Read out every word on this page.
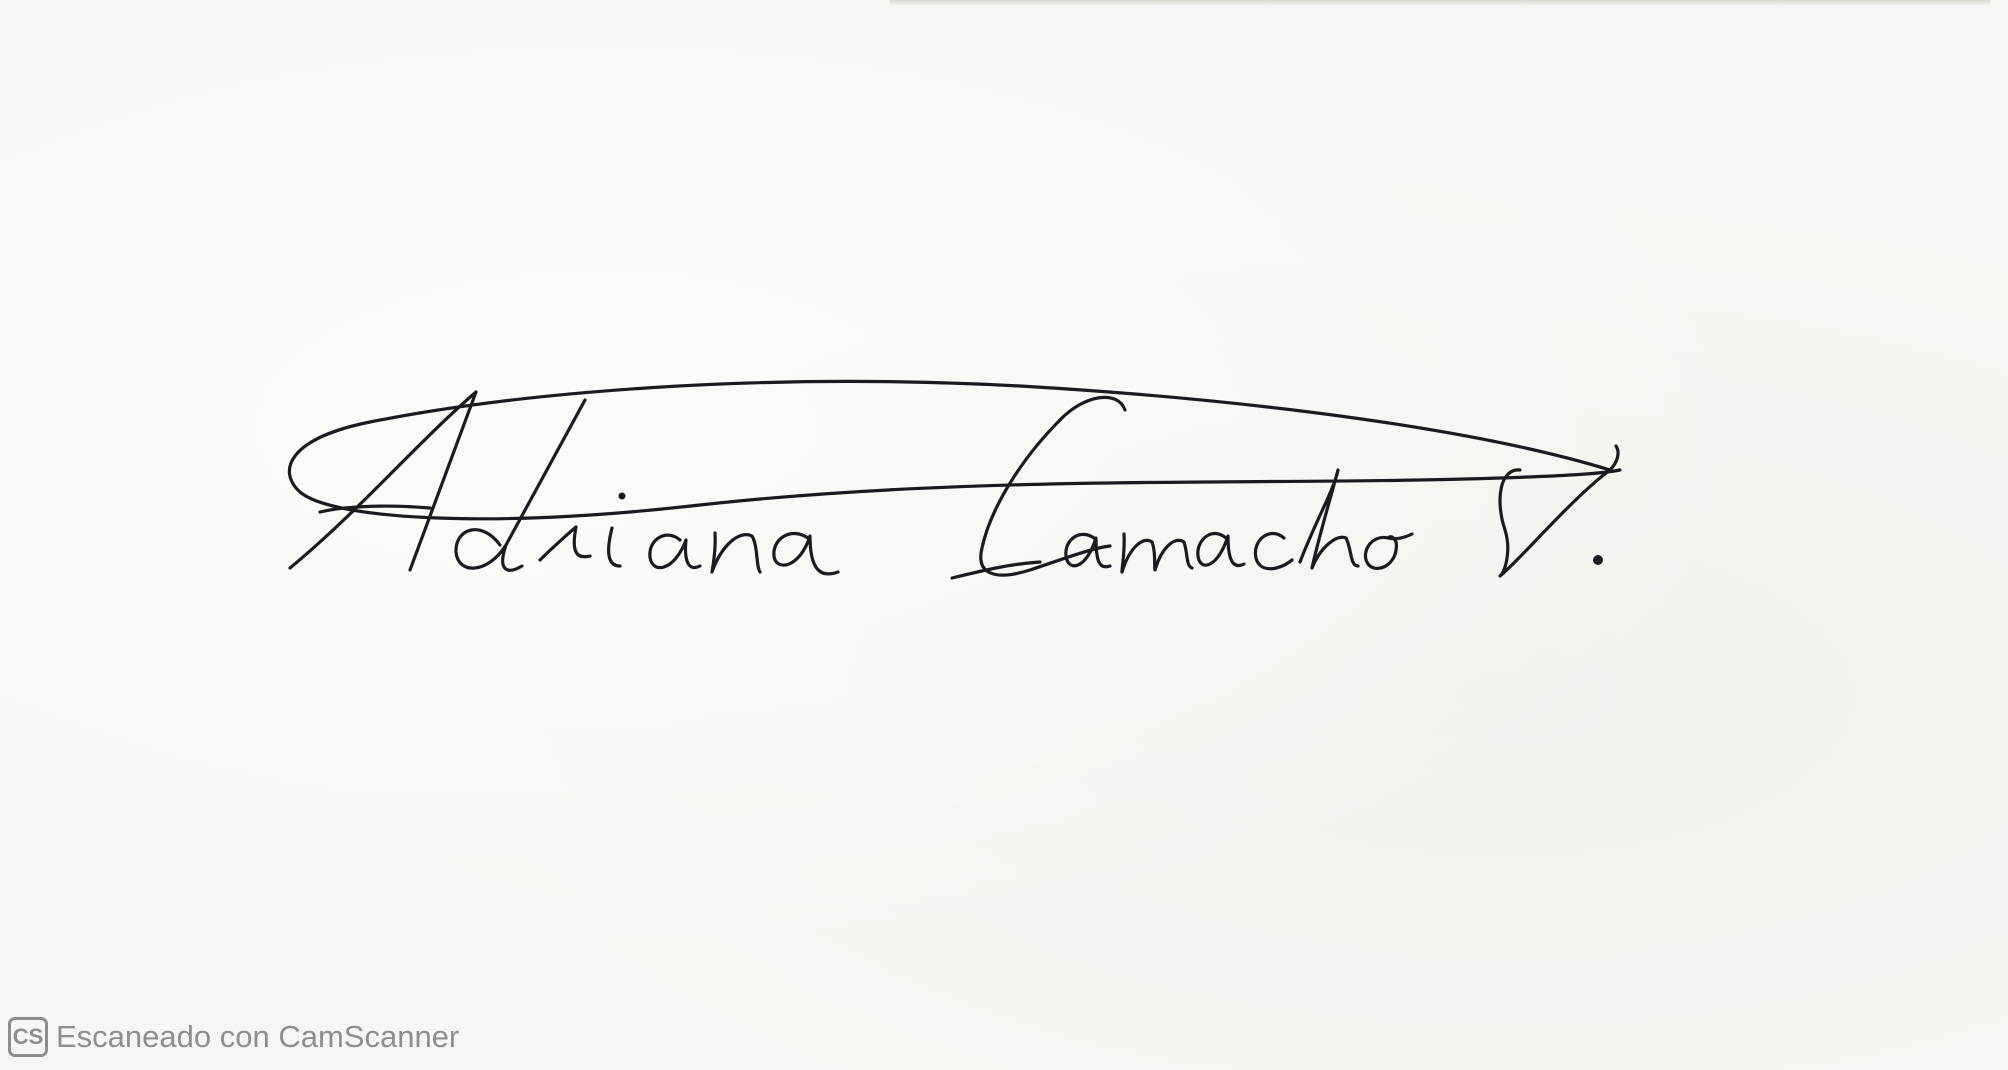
CS Escaneado con CamScanner
